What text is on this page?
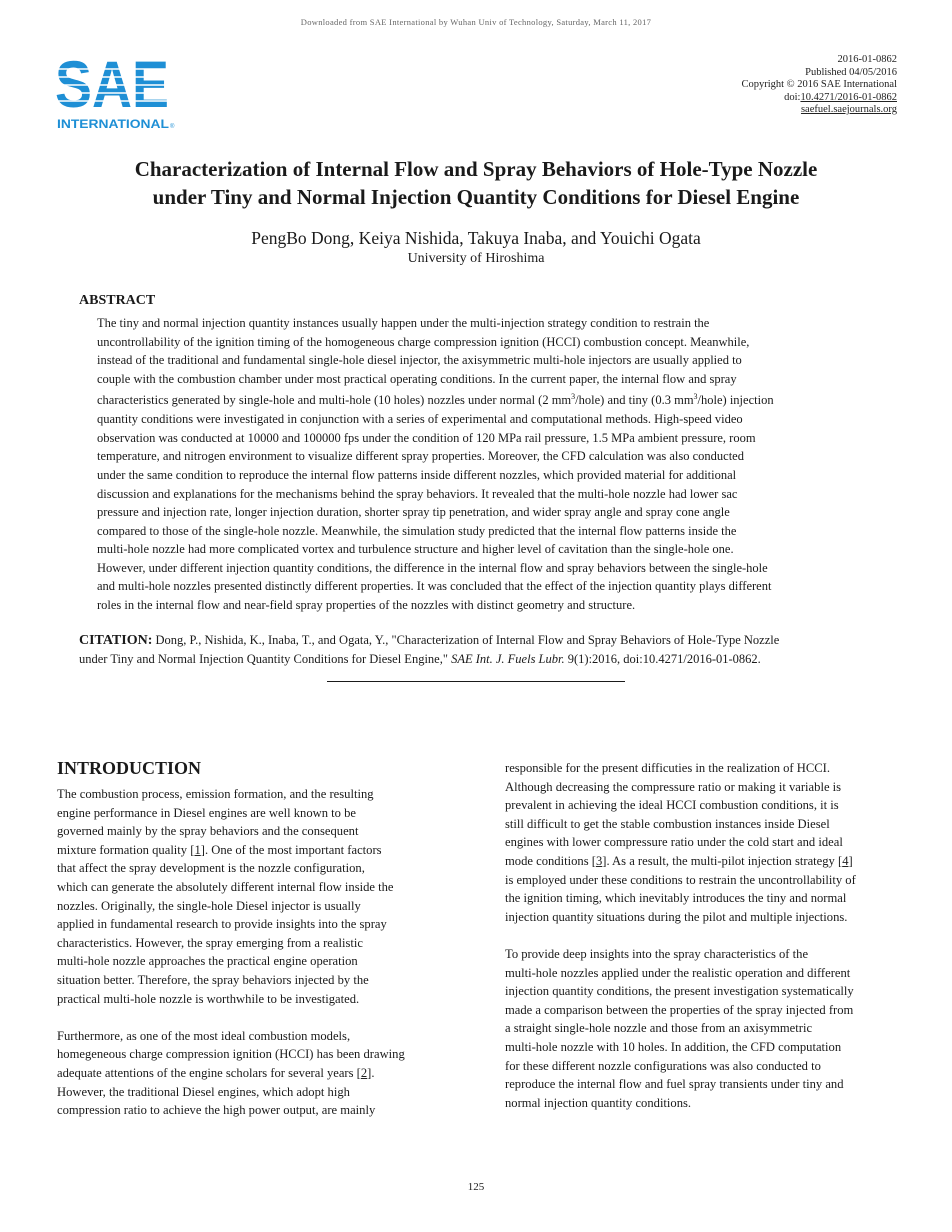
Downloaded from SAE International by Wuhan Univ of Technology, Saturday, March 11, 2017
SAE
INTERNATIONAL ®
2016-01-0862
Published 04/05/2016
Copyright © 2016 SAE International
doi:10.4271/2016-01-0862
saefuel.saejournals.org
Characterization of Internal Flow and Spray Behaviors of Hole-Type Nozzle
under Tiny and Normal Injection Quantity Conditions for Diesel Engine
PengBo Dong, Keiya Nishida, Takuya Inaba, and Youichi Ogata
University of Hiroshima
ABSTRACT
The tiny and normal injection quantity instances usually happen under the multi-injection strategy condition to restrain the
uncontrollability of the ignition timing of the homogeneous charge compression ignition (HCCI) combustion concept. Meanwhile,
instead of the traditional and fundamental single-hole diesel injector, the axisymmetric multi-hole injectors are usually applied to
couple with the combustion chamber under most practical operating conditions. In the current paper, the internal flow and spray
characteristics generated by single-hole and multi-hole (10 holes) nozzles under normal (2 $mm^3/hole$) and tiny (0.3 $mm^3/hole$) injection
quantity conditions were investigated in conjunction with a series of experimental and computational methods. High-speed video
observation was conducted at 10000 and 100000 fps under the condition of 120 MPa rail pressure, 1.5 MPa ambient pressure, room
temperature, and nitrogen environment to visualize different spray properties. Moreover, the CFD calculation was also conducted
under the same condition to reproduce the internal flow patterns inside different nozzles, which provided material for additional
discussion and explanations for the mechanisms behind the spray behaviors. It revealed that the multi-hole nozzle had lower sac
pressure and injection rate, longer injection duration, shorter spray tip penetration, and wider spray angle and spray cone angle
compared to those of the single-hole nozzle. Meanwhile, the simulation study predicted that the internal flow patterns inside the
multi-hole nozzle had more complicated vortex and turbulence structure and higher level of cavitation than the single-hole one.
However, under different injection quantity conditions, the difference in the internal flow and spray behaviors between the single-hole
and multi-hole nozzles presented distinctly different properties. It was concluded that the effect of the injection quantity plays different
roles in the internal flow and near-field spray properties of the nozzles with distinct geometry and structure.
CITATION: Dong, P., Nishida, K., Inaba, T., and Ogata, Y., "Characterization of Internal Flow and Spray Behaviors of Hole-Type Nozzle
under Tiny and Normal Injection Quantity Conditions for Diesel Engine," SAE Int. J. Fuels Lubr. 9(1):2016, doi:10.4271/2016-01-0862.
INTRODUCTION
The combustion process, emission formation, and the resulting
engine performance in Diesel engines are well known to be
governed mainly by the spray behaviors and the consequent
mixture formation quality [1]. One of the most important factors
that affect the spray development is the nozzle configuration,
which can generate the absolutely different internal flow inside the
nozzles. Originally, the single-hole Diesel injector is usually
applied in fundamental research to provide insights into the spray
characteristics. However, the spray emerging from a realistic
multi-hole nozzle approaches the practical engine operation
situation better. Therefore, the spray behaviors injected by the
practical multi-hole nozzle is worthwhile to be investigated.
Furthermore, as one of the most ideal combustion models,
homegeneous charge compression ignition (HCCI) has been drawing
adequate attentions of the engine scholars for several years [2].
However, the traditional Diesel engines, which adopt high
compression ratio to achieve the high power output, are mainly
responsible for the present difficuties in the realization of HCCI.
Although decreasing the compressure ratio or making it variable is
prevalent in achieving the ideal HCCI combustion conditions, it is
still difficult to get the stable combustion instances inside Diesel
engines with lower compressure ratio under the cold start and ideal
mode conditions [3]. As a result, the multi-pilot injection strategy [4]
is employed under these conditions to restrain the uncontrollability of
the ignition timing, which inevitably introduces the tiny and normal
injection quantity situations during the pilot and multiple injections.
To provide deep insights into the spray characteristics of the
multi-hole nozzles applied under the realistic operation and different
injection quantity conditions, the present investigation systematically
made a comparison between the properties of the spray injected from
a straight single-hole nozzle and those from an axisymmetric
multi-hole nozzle with 10 holes. In addition, the CFD computation
for these different nozzle configurations was also conducted to
reproduce the internal flow and fuel spray transients under tiny and
normal injection quantity conditions.
125
